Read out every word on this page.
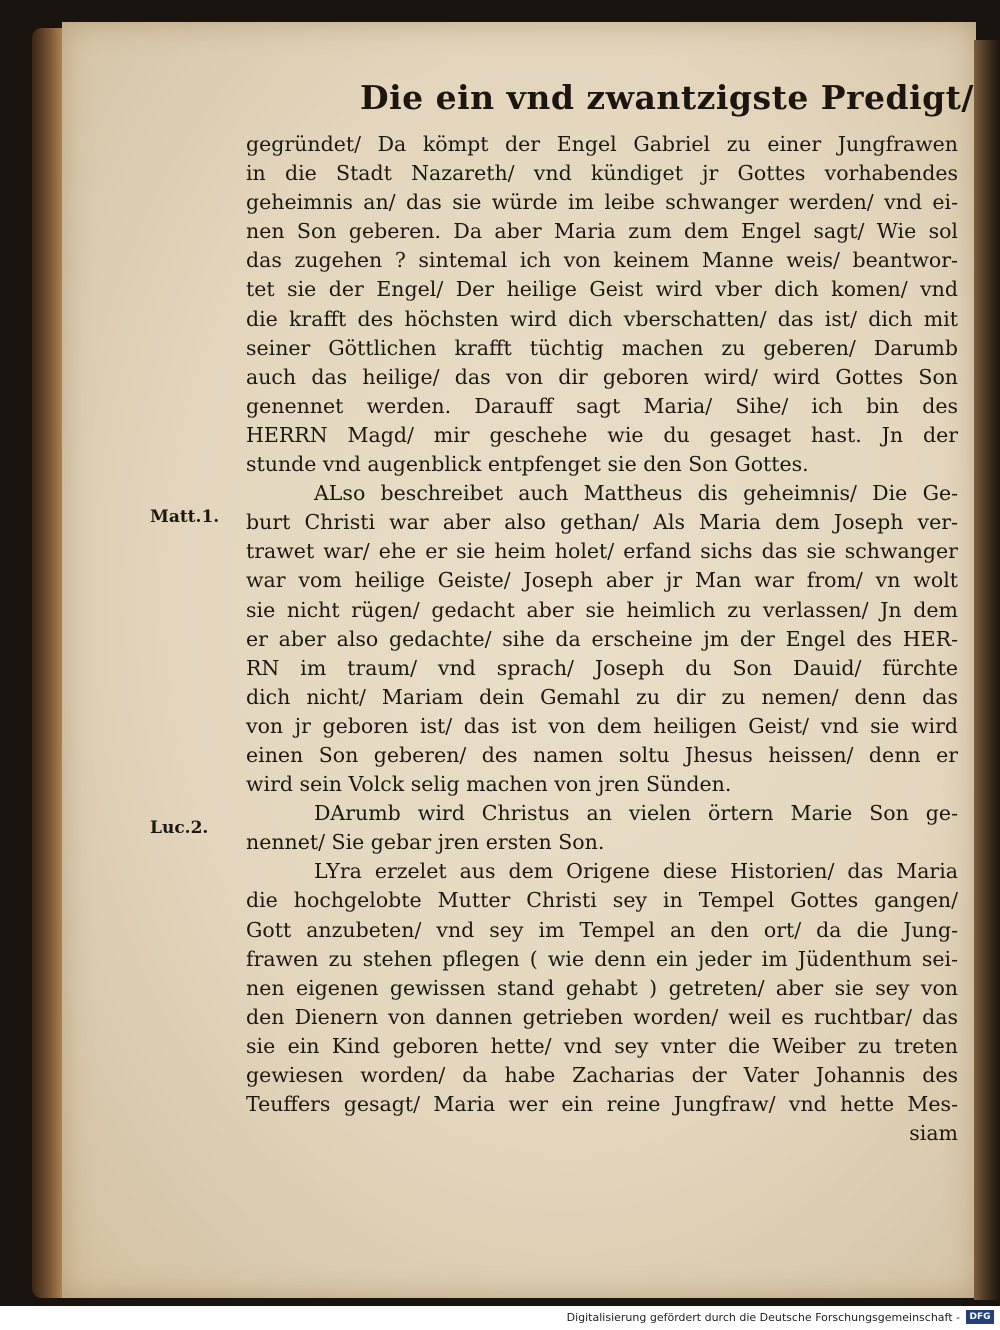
Die ein vnd zwantzigste Predigt/
gegründet/ Da kömpt der Engel Gabriel zu einer Jungfrawen
in die Stadt Nazareth/ vnd kündiget jr Gottes vorhabendes
geheimnis an/ das sie würde im leibe schwanger werden/ vnd ei-
nen Son geberen. Da aber Maria zum dem Engel sagt/ Wie sol
das zugehen ? sintemal ich von keinem Manne weis/ beantwor-
tet sie der Engel/ Der heilige Geist wird vber dich komen/ vnd
die krafft des höchsten wird dich vberschatten/ das ist/ dich mit
seiner Göttlichen krafft tüchtig machen zu geberen/ Darumb
auch das heilige/ das von dir geboren wird/ wird Gottes Son
genennet werden. Darauff sagt Maria/ Sihe/ ich bin des
HERRN Magd/ mir geschehe wie du gesaget hast. Jn der
stunde vnd augenblick entpfenget sie den Son Gottes.
ALso beschreibet auch Mattheus dis geheimnis/ Die Ge-
burt Christi war aber also gethan/ Als Maria dem Joseph ver-
trawet war/ ehe er sie heim holet/ erfand sichs das sie schwanger
war vom heilige Geiste/ Joseph aber jr Man war from/ vn wolt
sie nicht rügen/ gedacht aber sie heimlich zu verlassen/ Jn dem
er aber also gedachte/ sihe da erscheine jm der Engel des HER-
RN im traum/ vnd sprach/ Joseph du Son Dauid/ fürchte
dich nicht/ Mariam dein Gemahl zu dir zu nemen/ denn das
von jr geboren ist/ das ist von dem heiligen Geist/ vnd sie wird
einen Son geberen/ des namen soltu Jhesus heissen/ denn er
wird sein Volck selig machen von jren Sünden.
DArumb wird Christus an vielen örtern Marie Son ge-
nennet/ Sie gebar jren ersten Son.
LYra erzelet aus dem Origene diese Historien/ das Maria
die hochgelobte Mutter Christi sey in Tempel Gottes gangen/
Gott anzubeten/ vnd sey im Tempel an den ort/ da die Jung-
frawen zu stehen pflegen ( wie denn ein jeder im Jüdenthum sei-
nen eigenen gewissen stand gehabt ) getreten/ aber sie sey von
den Dienern von dannen getrieben worden/ weil es ruchtbar/ das
sie ein Kind geboren hette/ vnd sey vnter die Weiber zu treten
gewiesen worden/ da habe Zacharias der Vater Johannis des
Teuffers gesagt/ Maria wer ein reine Jungfraw/ vnd hette Mes-
siam
Matt.1.
Luc.2.
Digitalisierung gefördert durch die Deutsche Forschungsgemeinschaft -	DFG
